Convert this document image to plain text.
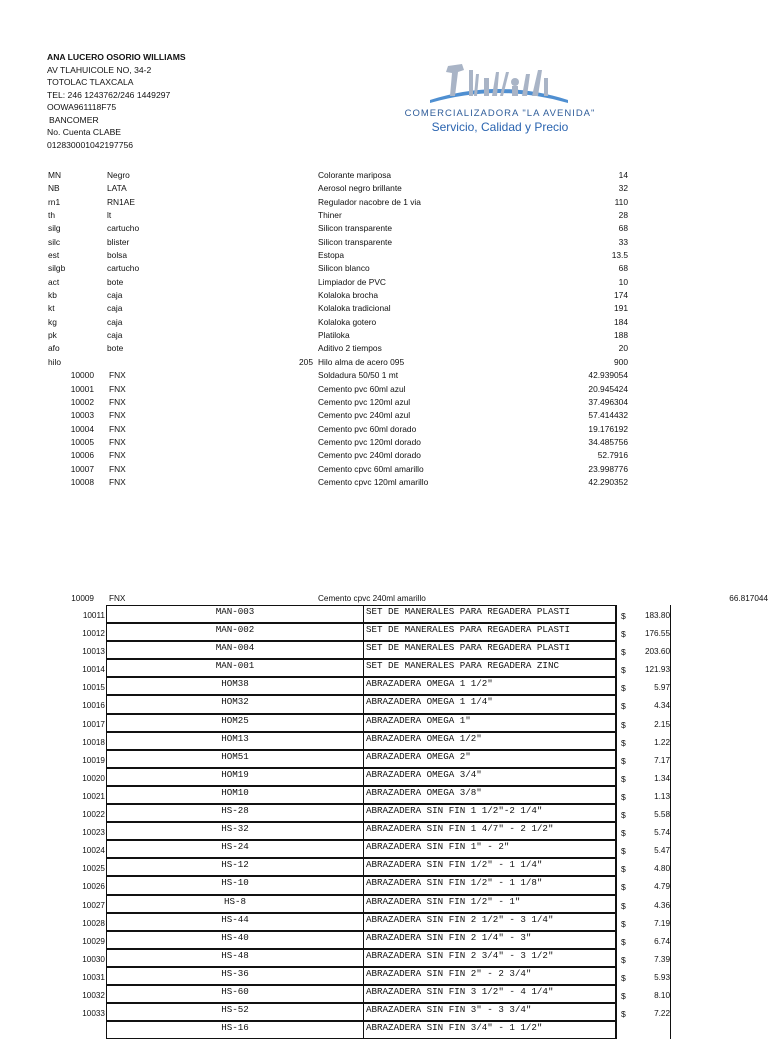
ANA LUCERO OSORIO WILLIAMS
AV TLAHUICOLE NO, 34-2
TOTOLAC TLAXCALA
TEL: 246 1243762/246 1449297
OOWA961118F75
BANCOMER
No. Cuenta CLABE
012830001042197756
COMERCIALIZADORA "LA AVENIDA"
Servicio, Calidad y Precio
MN	Negro	Colorante mariposa	14
NB	LATA	Aerosol negro brillante	32
rn1	RN1AE	Regulador nacobre de 1 via	110
th	lt	Thiner	28
silg	cartucho	Silicon transparente	68
silc	blister	Silicon transparente	33
est	bolsa	Estopa	13.5
silgb	cartucho	Silicon blanco	68
act	bote	Limpiador de PVC	10
kb	caja	Kolaloka brocha	174
kt	caja	Kolaloka tradicional	191
kg	caja	Kolaloka gotero	184
pk	caja	Platiloka	188
afo	bote	Aditivo 2 tiempos	20
hilo	205 Hilo alma de acero 095	900
10000 FNX	Soldadura 50/50 1 mt	42.939054
10001 FNX	Cemento pvc 60ml azul	20.945424
10002 FNX	Cemento pvc 120ml azul	37.496304
10003 FNX	Cemento pvc 240ml azul	57.414432
10004 FNX	Cemento pvc 60ml dorado	19.176192
10005 FNX	Cemento pvc 120ml dorado	34.485756
10006 FNX	Cemento pvc 240ml dorado	52.7916
10007 FNX	Cemento cpvc 60ml amarillo	23.998776
10008 FNX	Cemento cpvc 120ml amarillo	42.290352
10009 FNX	Cemento cpvc 240ml amarillo	66.817044
10011	MAN-003	SET DE MANERALES PARA REGADERA PLASTI	$	183.80
10012	MAN-002	SET DE MANERALES PARA REGADERA PLASTI	$	176.55
10013	MAN-004	SET DE MANERALES PARA REGADERA PLASTI	$	203.60
10014	MAN-001	SET DE MANERALES PARA REGADERA ZINC	$	121.93
10015	HOM38	ABRAZADERA OMEGA 1 1/2"	$	5.97
10016	HOM32	ABRAZADERA OMEGA 1 1/4"	$	4.34
10017	HOM25	ABRAZADERA OMEGA 1"	$	2.15
10018	HOM13	ABRAZADERA OMEGA 1/2"	$	1.22
10019	HOM51	ABRAZADERA OMEGA 2"	$	7.17
10020	HOM19	ABRAZADERA OMEGA 3/4"	$	1.34
10021	HOM10	ABRAZADERA OMEGA 3/8"	$	1.13
10022	HS-28	ABRAZADERA SIN FIN 1 1/2"-2 1/4"	$	5.58
10023	HS-32	ABRAZADERA SIN FIN 1 4/7" - 2 1/2"	$	5.74
10024	HS-24	ABRAZADERA SIN FIN 1" - 2"	$	5.47
10025	HS-12	ABRAZADERA SIN FIN 1/2" - 1 1/4"	$	4.80
10026	HS-10	ABRAZADERA SIN FIN 1/2" - 1 1/8"	$	4.79
10027	HS-8	ABRAZADERA SIN FIN 1/2" - 1"	$	4.36
10028	HS-44	ABRAZADERA SIN FIN 2 1/2" - 3 1/4"	$	7.19
10029	HS-40	ABRAZADERA SIN FIN 2 1/4" - 3"	$	6.74
10030	HS-48	ABRAZADERA SIN FIN 2 3/4" - 3 1/2"	$	7.39
10031	HS-36	ABRAZADERA SIN FIN 2" - 2 3/4"	$	5.93
10032	HS-60	ABRAZADERA SIN FIN 3 1/2" - 4 1/4"	$	8.10
10033	HS-52	ABRAZADERA SIN FIN 3" - 3 3/4"	$	7.22
HS-16	ABRAZADERA SIN FIN 3/4" - 1 1/2"
